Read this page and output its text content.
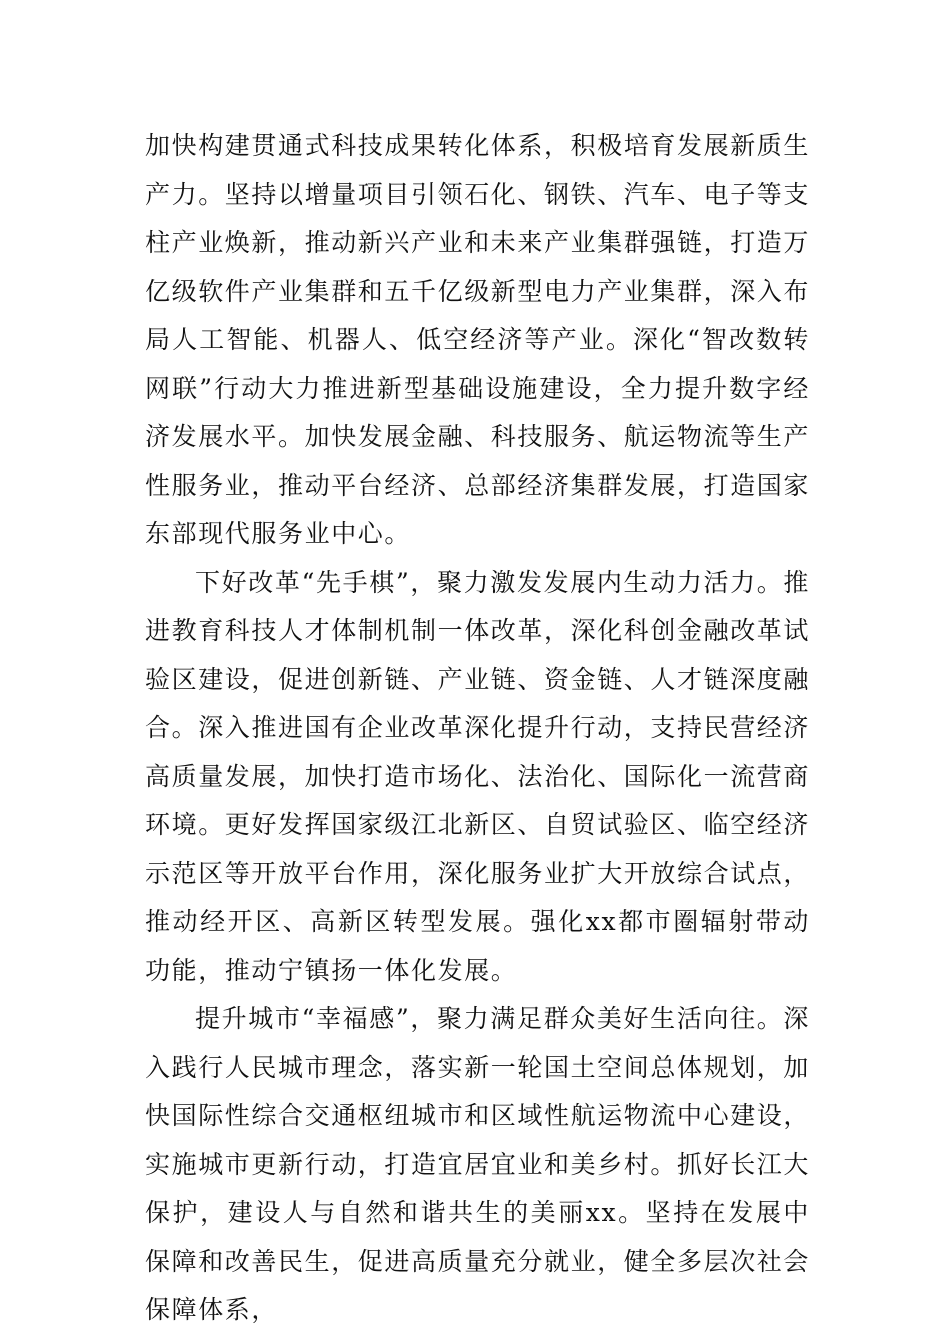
加快构建贯通式科技成果转化体系，积极培育发展新质生产力。坚持以增量项目引领石化、钢铁、汽车、电子等支柱产业焕新，推动新兴产业和未来产业集群强链，打造万亿级软件产业集群和五千亿级新型电力产业集群，深入布局人工智能、机器人、低空经济等产业。深化“智改数转网联”行动大力推进新型基础设施建设，全力提升数字经济发展水平。加快发展金融、科技服务、航运物流等生产性服务业，推动平台经济、总部经济集群发展，打造国家东部现代服务业中心。

下好改革“先手棋”，聚力激发发展内生动力活力。推进教育科技人才体制机制一体改革，深化科创金融改革试验区建设，促进创新链、产业链、资金链、人才链深度融合。深入推进国有企业改革深化提升行动，支持民营经济高质量发展，加快打造市场化、法治化、国际化一流营商环境。更好发挥国家级江北新区、自贸试验区、临空经济示范区等开放平台作用，深化服务业扩大开放综合试点，推动经开区、高新区转型发展。强化xx都市圈辐射带动功能，推动宁镇扬一体化发展。

提升城市“幸福感”，聚力满足群众美好生活向往。深入践行人民城市理念，落实新一轮国土空间总体规划，加快国际性综合交通枢纽城市和区域性航运物流中心建设，实施城市更新行动，打造宜居宜业和美乡村。抓好长江大保护，建设人与自然和谐共生的美丽xx。坚持在发展中保障和改善民生，促进高质量充分就业，健全多层次社会保障体系，
